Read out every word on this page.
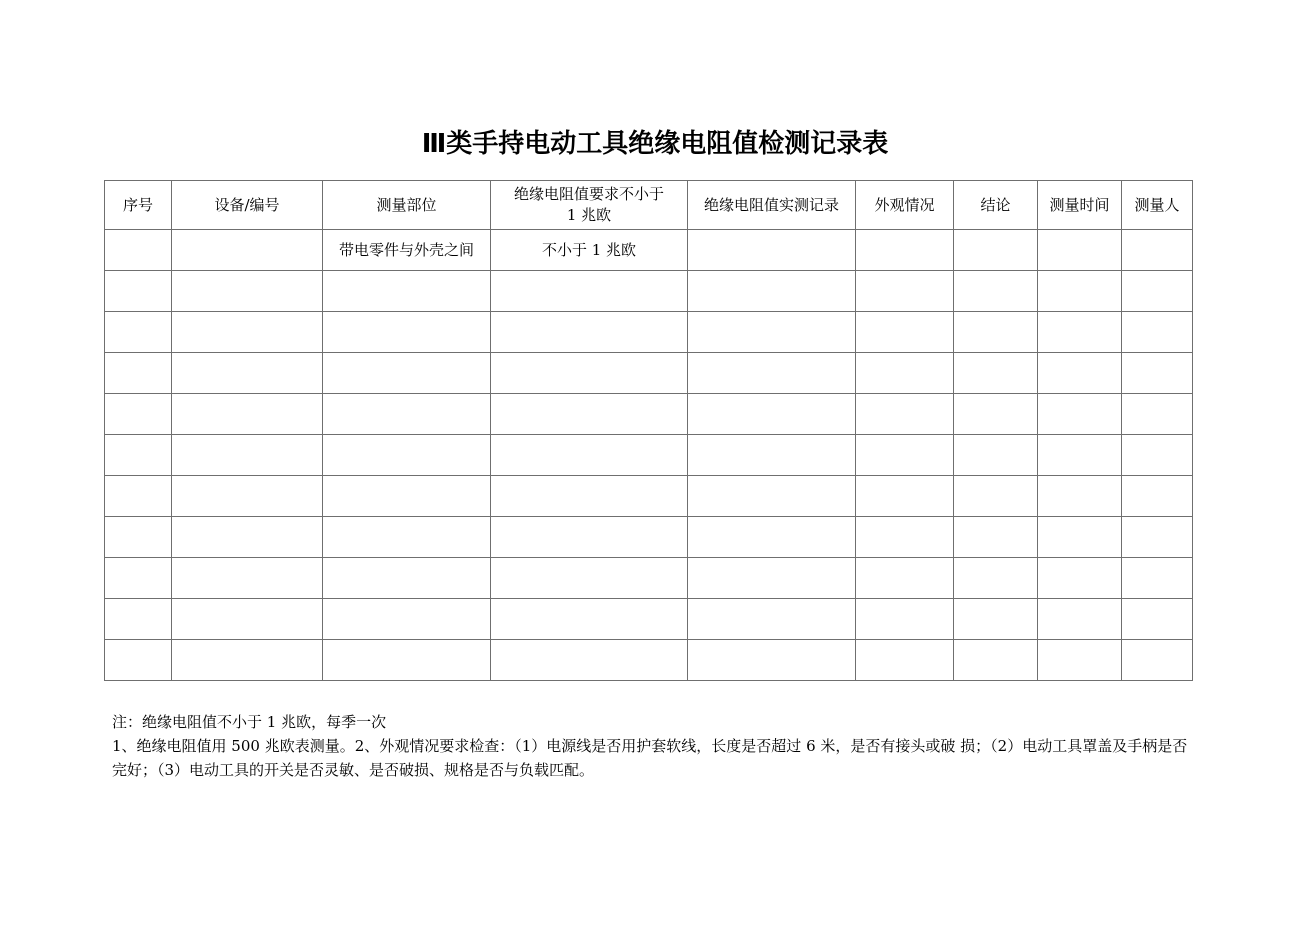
Ⅲ类手持电动工具绝缘电阻值检测记录表
序号	设备/编号	测量部位	绝缘电阻值要求不小于
1 兆欧	绝缘电阻值实测记录	外观情况	结论	测量时间	测量人
		带电零件与外壳之间	不小于 1 兆欧					

注：绝缘电阻值不小于 1 兆欧，每季一次

1、绝缘电阻值用 500 兆欧表测量。2、外观情况要求检查：（1）电源线是否用护套软线，长度是否超过 6 米，是否有接头或破 损；（2）电动工具罩盖及手柄是否完好；（3）电动工具的开关是否灵敏、是否破损、规格是否与负载匹配。
